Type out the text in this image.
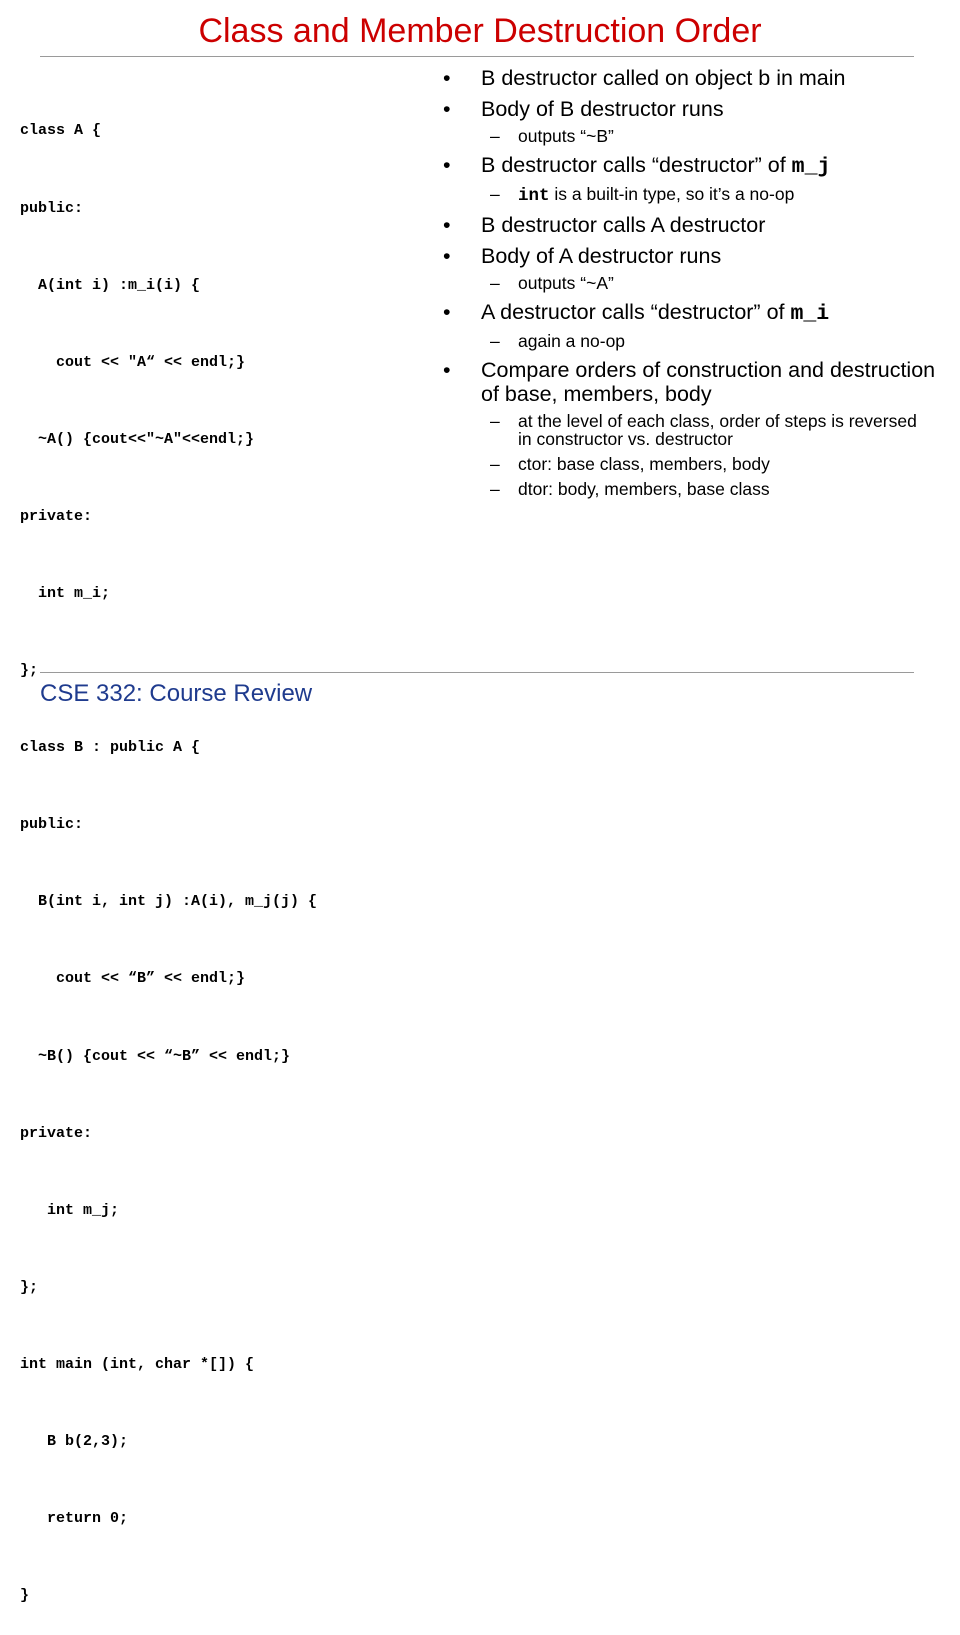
Class and Member Destruction Order

class A {

public:

A(int i) :m_i(i) {

cout << "A“ << endl;}

~A() {cout<<"~A"<<endl;}

private:

int m_i;

};

class B : public A {

public:

B(int i, int j) :A(i), m_j(j) {

cout << “B” << endl;}

~B() {cout << “~B” << endl;}

private:

int m_j;

};

int main (int, char *[]) {

B b(2,3);

return 0;

}

• B destructor called on object b in main
• Body of B destructor runs
– outputs “~B”
• B destructor calls “destructor” of m_j
– int is a built-in type, so it’s a no-op
• B destructor calls A destructor
• Body of A destructor runs
– outputs “~A”
• A destructor calls “destructor” of m_i
– again a no-op
• Compare orders of construction and destruction of base, members, body
– at the level of each class, order of steps is reversed in constructor vs. destructor
– ctor: base class, members, body
– dtor: body, members, base class
CSE 332: Course Review
